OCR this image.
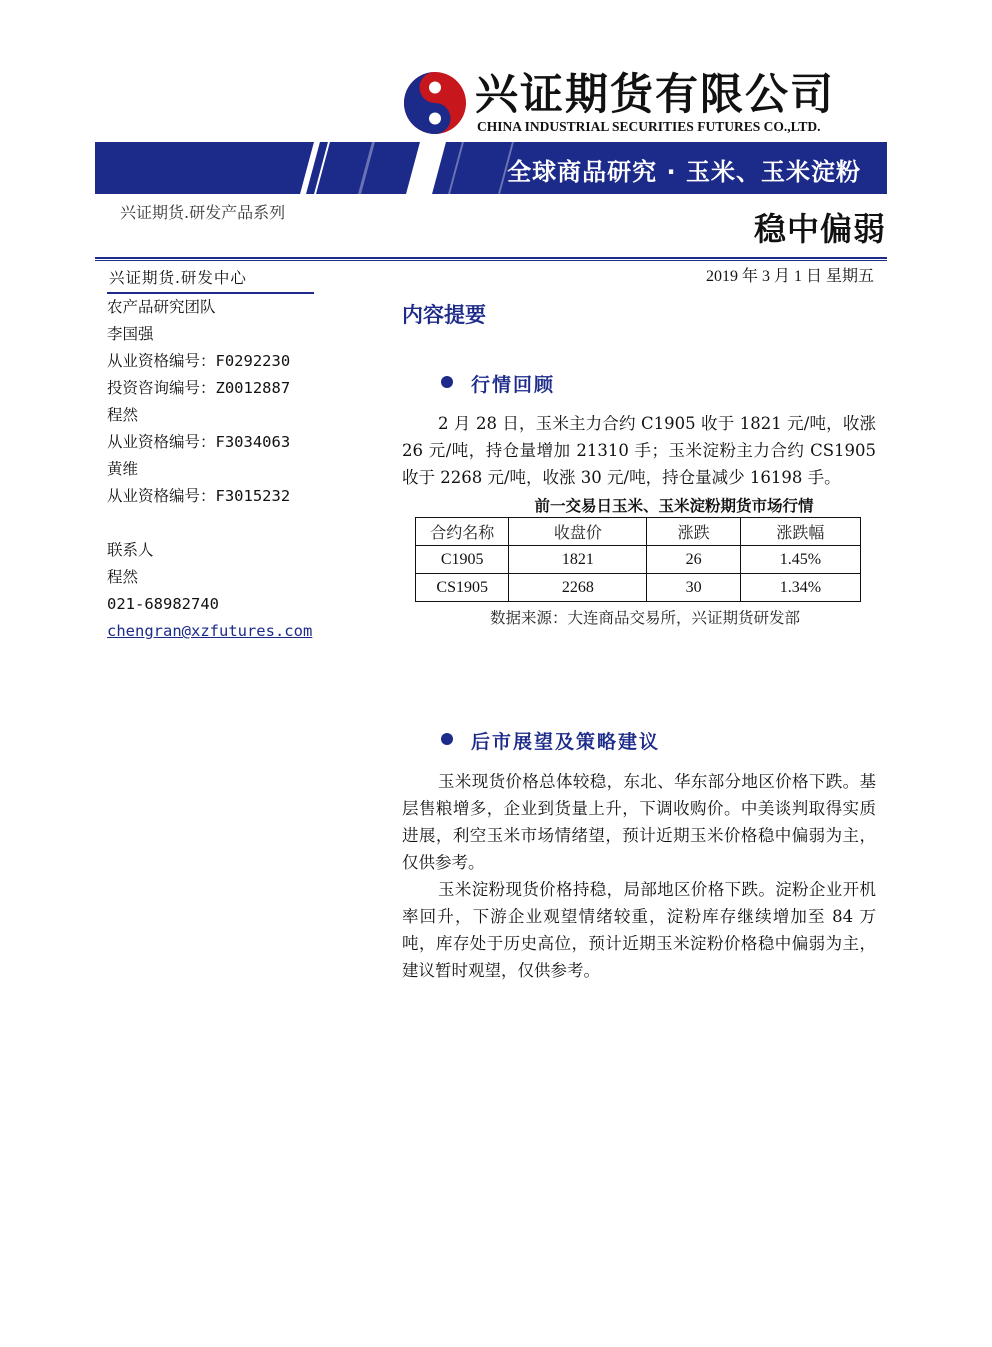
兴证期货有限公司
CHINA INDUSTRIAL SECURITIES FUTURES CO.,LTD.
全球商品研究 · 玉米、玉米淀粉
兴证期货.研发产品系列	稳中偏弱
2019 年 3 月 1 日 星期五
兴证期货.研发中心
农产品研究团队
李国强
从业资格编号：F0292230
投资咨询编号：Z0012887
程然
从业资格编号：F3034063
黄维
从业资格编号：F3015232
联系人
程然
021-68982740
chengran@xzfutures.com
内容提要
行情回顾
2 月 28 日，玉米主力合约 C1905 收于 1821 元/吨，收涨 26 元/吨，持仓量增加 21310 手；玉米淀粉主力合约 CS1905 收于 2268 元/吨，收涨 30 元/吨，持仓量减少 16198 手。
前一交易日玉米、玉米淀粉期货市场行情
合约名称	收盘价	涨跌	涨跌幅
C1905	1821	26	1.45%
CS1905	2268	30	1.34%
数据来源：大连商品交易所，兴证期货研发部
后市展望及策略建议
玉米现货价格总体较稳，东北、华东部分地区价格下跌。基层售粮增多，企业到货量上升，下调收购价。中美谈判取得实质进展，利空玉米市场情绪望，预计近期玉米价格稳中偏弱为主，仅供参考。
玉米淀粉现货价格持稳，局部地区价格下跌。淀粉企业开机率回升，下游企业观望情绪较重，淀粉库存继续增加至 84 万吨，库存处于历史高位，预计近期玉米淀粉价格稳中偏弱为主，建议暂时观望，仅供参考。
